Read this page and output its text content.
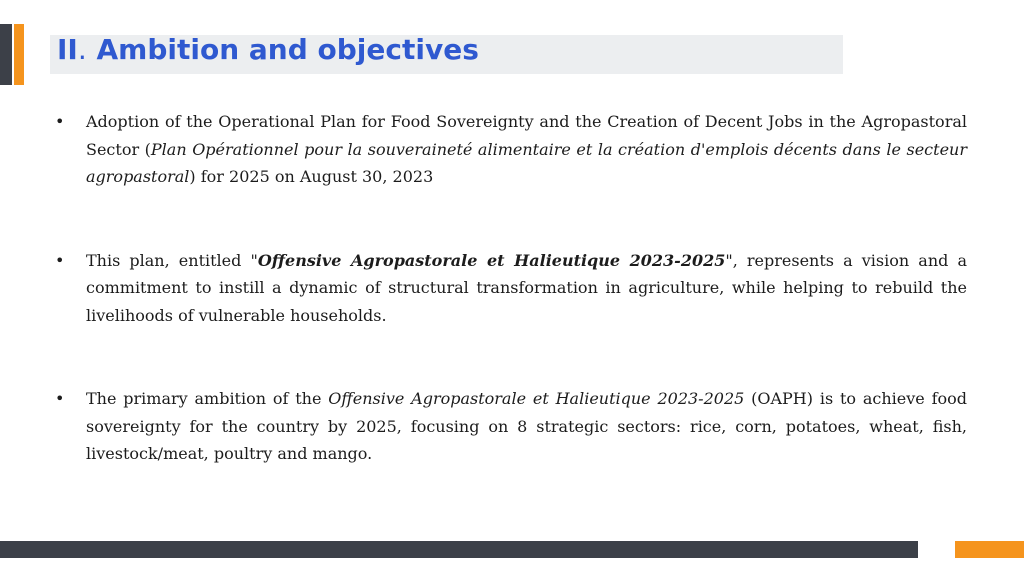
II. Ambition and objectives
• Adoption of the Operational Plan for Food Sovereignty and the Creation of Decent Jobs in the Agropastoral Sector (Plan Opérationnel pour la souveraineté alimentaire et la création d'emplois décents dans le secteur agropastoral) for 2025 on August 30, 2023
• This plan, entitled "Offensive Agropastorale et Halieutique 2023-2025", represents a vision and a commitment to instill a dynamic of structural transformation in agriculture, while helping to rebuild the livelihoods of vulnerable households.
• The primary ambition of the Offensive Agropastorale et Halieutique 2023-2025 (OAPH) is to achieve food sovereignty for the country by 2025, focusing on 8 strategic sectors: rice, corn, potatoes, wheat, fish, livestock/meat, poultry and mango.
